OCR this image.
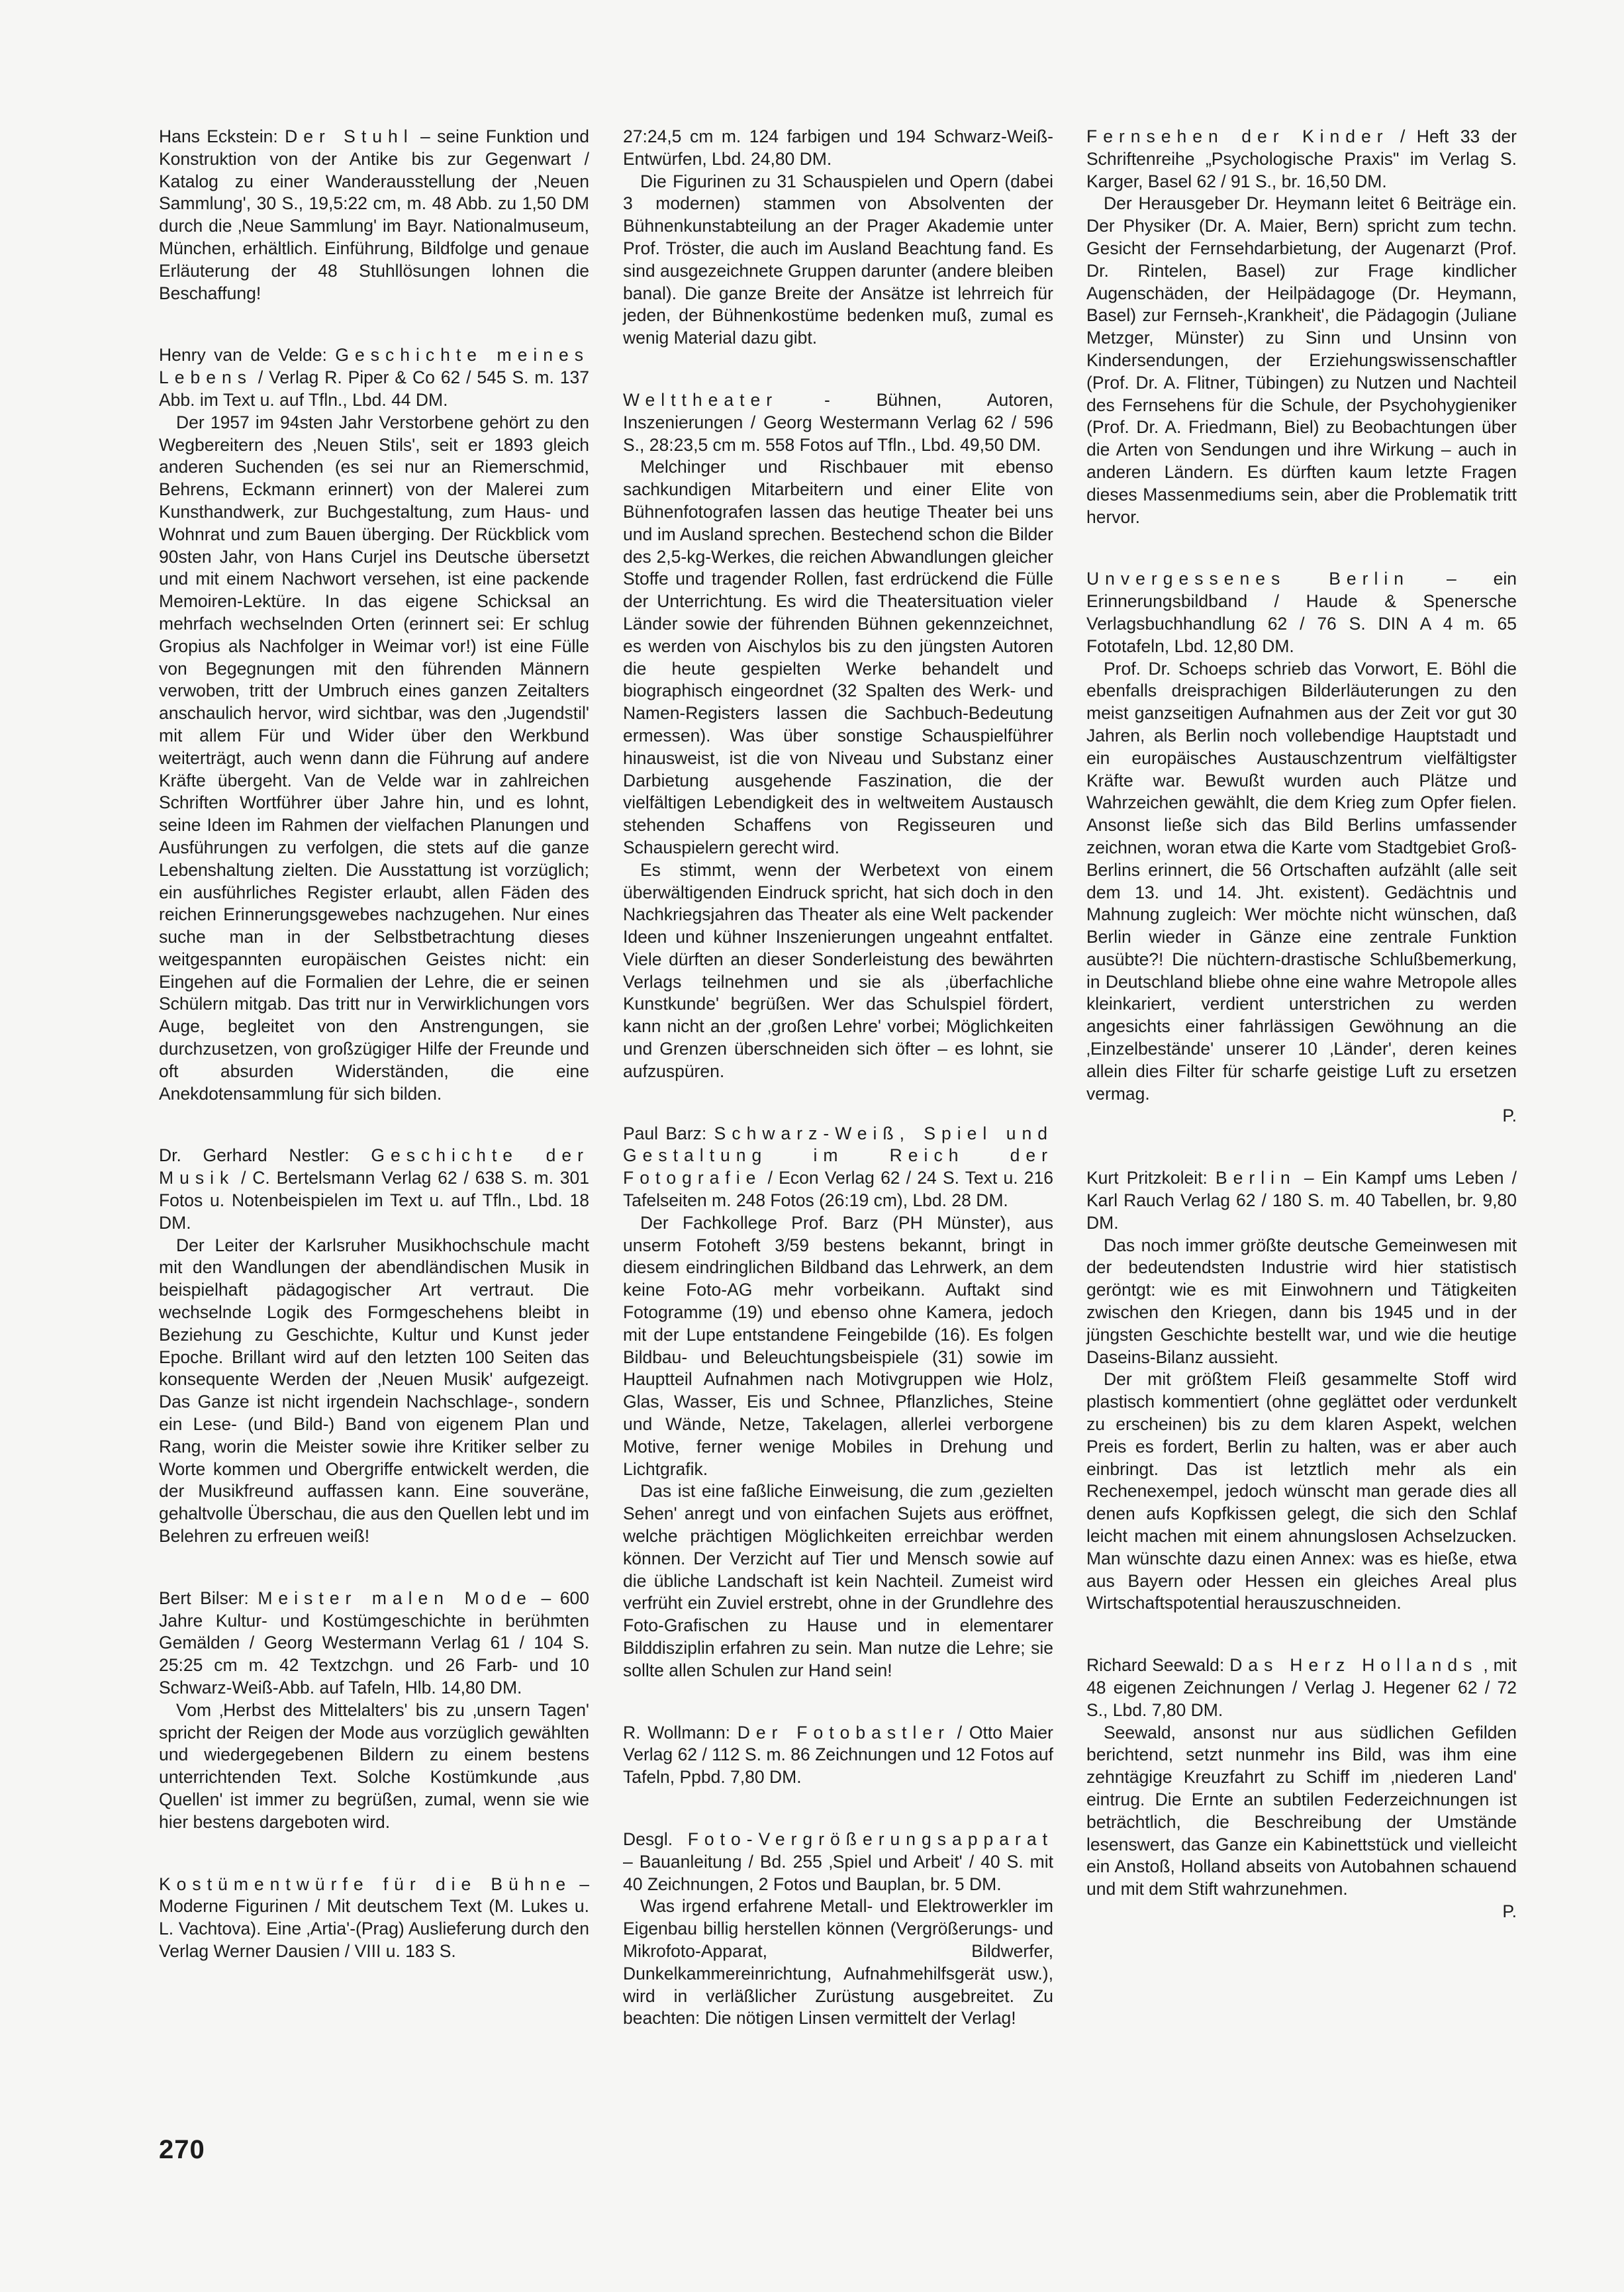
Hans Eckstein: Der Stuhl – seine Funktion und Konstruktion von der Antike bis zur Gegenwart / Katalog zu einer Wanderausstellung der ‚Neuen Sammlung', 30 S., 19,5:22 cm, m. 48 Abb. zu 1,50 DM durch die ‚Neue Sammlung' im Bayr. Nationalmuseum, München, erhältlich. Einführung, Bildfolge und genaue Erläuterung der 48 Stuhllösungen lohnen die Beschaffung!

Henry van de Velde: Geschichte meines Lebens / Verlag R. Piper & Co 62 / 545 S. m. 137 Abb. im Text u. auf Tfln., Lbd. 44 DM.

Der 1957 im 94sten Jahr Verstorbene gehört zu den Wegbereitern des ‚Neuen Stils', seit er 1893 gleich anderen Suchenden (es sei nur an Riemerschmid, Behrens, Eckmann erinnert) von der Malerei zum Kunsthandwerk, zur Buchgestaltung, zum Haus- und Wohnrat und zum Bauen überging. Der Rückblick vom 90sten Jahr, von Hans Curjel ins Deutsche übersetzt und mit einem Nachwort versehen, ist eine packende Memoiren-Lektüre. In das eigene Schicksal an mehrfach wechselnden Orten (erinnert sei: Er schlug Gropius als Nachfolger in Weimar vor!) ist eine Fülle von Begegnungen mit den führenden Männern verwoben, tritt der Umbruch eines ganzen Zeitalters anschaulich hervor, wird sichtbar, was den ‚Jugendstil' mit allem Für und Wider über den Werkbund weiterträgt, auch wenn dann die Führung auf andere Kräfte übergeht. Van de Velde war in zahlreichen Schriften Wortführer über Jahre hin, und es lohnt, seine Ideen im Rahmen der vielfachen Planungen und Ausführungen zu verfolgen, die stets auf die ganze Lebenshaltung zielten. Die Ausstattung ist vorzüglich; ein ausführliches Register erlaubt, allen Fäden des reichen Erinnerungsgewebes nachzugehen. Nur eines suche man in der Selbstbetrachtung dieses weitgespannten europäischen Geistes nicht: ein Eingehen auf die Formalien der Lehre, die er seinen Schülern mitgab. Das tritt nur in Verwirklichungen vors Auge, begleitet von den Anstrengungen, sie durchzusetzen, von großzügiger Hilfe der Freunde und oft absurden Widerständen, die eine Anekdotensammlung für sich bilden.

Dr. Gerhard Nestler: Geschichte der Musik / C. Bertelsmann Verlag 62 / 638 S. m. 301 Fotos u. Notenbeispielen im Text u. auf Tfln., Lbd. 18 DM.

Der Leiter der Karlsruher Musikhochschule macht mit den Wandlungen der abendländischen Musik in beispielhaft pädagogischer Art vertraut. Die wechselnde Logik des Formgeschehens bleibt in Beziehung zu Geschichte, Kultur und Kunst jeder Epoche. Brillant wird auf den letzten 100 Seiten das konsequente Werden der ‚Neuen Musik' aufgezeigt. Das Ganze ist nicht irgendein Nachschlage-, sondern ein Lese- (und Bild-) Band von eigenem Plan und Rang, worin die Meister sowie ihre Kritiker selber zu Worte kommen und Obergriffe entwickelt werden, die der Musikfreund auffassen kann. Eine souveräne, gehaltvolle Überschau, die aus den Quellen lebt und im Belehren zu erfreuen weiß!

Bert Bilser: Meister malen Mode – 600 Jahre Kultur- und Kostümgeschichte in berühmten Gemälden / Georg Westermann Verlag 61 / 104 S. 25:25 cm m. 42 Textzchgn. und 26 Farb- und 10 Schwarz-Weiß-Abb. auf Tafeln, Hlb. 14,80 DM.

Vom ‚Herbst des Mittelalters' bis zu ‚unsern Tagen' spricht der Reigen der Mode aus vorzüglich gewählten und wiedergegebenen Bildern zu einem bestens unterrichtenden Text. Solche Kostümkunde ‚aus Quellen' ist immer zu begrüßen, zumal, wenn sie wie hier bestens dargeboten wird.

Kostümentwürfe für die Bühne – Moderne Figurinen / Mit deutschem Text (M. Lukes u. L. Vachtova). Eine ‚Artia'-(Prag) Auslieferung durch den Verlag Werner Dausien / VIII u. 183 S.

27:24,5 cm m. 124 farbigen und 194 Schwarz-Weiß-Entwürfen, Lbd. 24,80 DM.

Die Figurinen zu 31 Schauspielen und Opern (dabei 3 modernen) stammen von Absolventen der Bühnenkunstabteilung an der Prager Akademie unter Prof. Tröster, die auch im Ausland Beachtung fand. Es sind ausgezeichnete Gruppen darunter (andere bleiben banal). Die ganze Breite der Ansätze ist lehrreich für jeden, der Bühnenkostüme bedenken muß, zumal es wenig Material dazu gibt.

Welttheater	- Bühnen, Autoren, Inszenierungen / Georg Westermann Verlag 62 / 596 S., 28:23,5 cm m. 558 Fotos auf Tfln., Lbd. 49,50 DM.

Melchinger und Rischbauer mit ebenso sachkundigen Mitarbeitern und einer Elite von Bühnenfotografen lassen das heutige Theater bei uns und im Ausland sprechen. Bestechend schon die Bilder des 2,5-kg-Werkes, die reichen Abwandlungen gleicher Stoffe und tragender Rollen, fast erdrückend die Fülle der Unterrichtung. Es wird die Theatersituation vieler Länder sowie der führenden Bühnen gekennzeichnet, es werden von Aischylos bis zu den jüngsten Autoren die heute gespielten Werke behandelt und biographisch eingeordnet (32 Spalten des Werk- und Namen-Registers lassen die Sachbuch-Bedeutung ermessen). Was über sonstige Schauspielführer hinausweist, ist die von Niveau und Substanz einer Darbietung ausgehende Faszination, die der vielfältigen Lebendigkeit des in weltweitem Austausch stehenden Schaffens von Regisseuren und Schauspielern gerecht wird.

Es stimmt, wenn der Werbetext von einem überwältigenden Eindruck spricht, hat sich doch in den Nachkriegsjahren das Theater als eine Welt packender Ideen und kühner Inszenierungen ungeahnt entfaltet. Viele dürften an dieser Sonderleistung des bewährten Verlags teilnehmen und sie als ‚überfachliche Kunstkunde' begrüßen. Wer das Schulspiel fördert, kann nicht an der ‚großen Lehre' vorbei; Möglichkeiten und Grenzen überschneiden sich öfter – es lohnt, sie aufzuspüren.

Paul Barz: Schwarz-Weiß, Spiel und Gestaltung im Reich der Fotografie / Econ Verlag 62 / 24 S. Text u. 216 Tafelseiten m. 248 Fotos (26:19 cm), Lbd. 28 DM.

Der Fachkollege Prof. Barz (PH Münster), aus unserm Fotoheft 3/59 bestens bekannt, bringt in diesem eindringlichen Bildband das Lehrwerk, an dem keine Foto-AG mehr vorbeikann. Auftakt sind Fotogramme (19) und ebenso ohne Kamera, jedoch mit der Lupe entstandene Feingebilde (16). Es folgen Bildbau- und Beleuchtungsbeispiele (31) sowie im Hauptteil Aufnahmen nach Motivgruppen wie Holz, Glas, Wasser, Eis und Schnee, Pflanzliches, Steine und Wände, Netze, Takelagen, allerlei verborgene Motive, ferner wenige Mobiles in Drehung und Lichtgrafik.

Das ist eine faßliche Einweisung, die zum ‚gezielten Sehen' anregt und von einfachen Sujets aus eröffnet, welche prächtigen Möglichkeiten erreichbar werden können. Der Verzicht auf Tier und Mensch sowie auf die übliche Landschaft ist kein Nachteil. Zumeist wird verfrüht ein Zuviel erstrebt, ohne in der Grundlehre des Foto-Grafischen zu Hause und in elementarer Bilddisziplin erfahren zu sein. Man nutze die Lehre; sie sollte allen Schulen zur Hand sein!

R. Wollmann: Der Fotobastler / Otto Maier Verlag 62 / 112 S. m. 86 Zeichnungen und 12 Fotos auf Tafeln, Ppbd. 7,80 DM.

Desgl. Foto-Vergrößerungsapparat – Bauanleitung / Bd. 255 ‚Spiel und Arbeit' / 40 S. mit 40 Zeichnungen, 2 Fotos und Bauplan, br. 5 DM.

Was irgend erfahrene Metall- und Elektrowerkler im Eigenbau billig herstellen können (Vergrößerungs- und Mikrofoto-Apparat, Bildwerfer, Dunkelkammereinrichtung, Aufnahmehilfsgerät usw.), wird in verläßlicher Zurüstung ausgebreitet. Zu beachten: Die nötigen Linsen vermittelt der Verlag!

Fernsehen der Kinder / Heft 33 der Schriftenreihe „Psychologische Praxis" im Verlag S. Karger, Basel 62 / 91 S., br. 16,50 DM.

Der Herausgeber Dr. Heymann leitet 6 Beiträge ein. Der Physiker (Dr. A. Maier, Bern) spricht zum techn. Gesicht der Fernsehdarbietung, der Augenarzt (Prof. Dr. Rintelen, Basel) zur Frage kindlicher Augenschäden, der Heilpädagoge (Dr. Heymann, Basel) zur Fernseh-‚Krankheit', die Pädagogin (Juliane Metzger, Münster) zu Sinn und Unsinn von Kindersendungen, der Erziehungswissenschaftler (Prof. Dr. A. Flitner, Tübingen) zu Nutzen und Nachteil des Fernsehens für die Schule, der Psychohygieniker (Prof. Dr. A. Friedmann, Biel) zu Beobachtungen über die Arten von Sendungen und ihre Wirkung – auch in anderen Ländern. Es dürften kaum letzte Fragen dieses Massenmediums sein, aber die Problematik tritt hervor.

Unvergessenes Berlin – ein Erinnerungsbildband / Haude & Spenersche Verlagsbuchhandlung 62 / 76 S. DIN A 4 m. 65 Fototafeln, Lbd. 12,80 DM.

Prof. Dr. Schoeps schrieb das Vorwort, E. Böhl die ebenfalls dreisprachigen Bilderläuterungen zu den meist ganzseitigen Aufnahmen aus der Zeit vor gut 30 Jahren, als Berlin noch vollebendige Hauptstadt und ein europäisches Austauschzentrum vielfältigster Kräfte war. Bewußt wurden auch Plätze und Wahrzeichen gewählt, die dem Krieg zum Opfer fielen. Ansonst ließe sich das Bild Berlins umfassender zeichnen, woran etwa die Karte vom Stadtgebiet Groß-Berlins erinnert, die 56 Ortschaften aufzählt (alle seit dem 13. und 14. Jht. existent). Gedächtnis und Mahnung zugleich: Wer möchte nicht wünschen, daß Berlin wieder in Gänze eine zentrale Funktion ausübte?! Die nüchtern-drastische Schlußbemerkung, in Deutschland bliebe ohne eine wahre Metropole alles kleinkariert, verdient unterstrichen zu werden angesichts einer fahrlässigen Gewöhnung an die ‚Einzelbestände' unserer 10 ‚Länder', deren keines allein dies Filter für scharfe geistige Luft zu ersetzen vermag.

P.

Kurt Pritzkoleit: Berlin – Ein Kampf ums Leben / Karl Rauch Verlag 62 / 180 S. m. 40 Tabellen, br. 9,80 DM.

Das noch immer größte deutsche Gemeinwesen mit der bedeutendsten Industrie wird hier statistisch geröntgt: wie es mit Einwohnern und Tätigkeiten zwischen den Kriegen, dann bis 1945 und in der jüngsten Geschichte bestellt war, und wie die heutige Daseins-Bilanz aussieht.

Der mit größtem Fleiß gesammelte Stoff wird plastisch kommentiert (ohne geglättet oder verdunkelt zu erscheinen) bis zu dem klaren Aspekt, welchen Preis es fordert, Berlin zu halten, was er aber auch einbringt. Das ist letztlich mehr als ein Rechenexempel, jedoch wünscht man gerade dies all denen aufs Kopfkissen gelegt, die sich den Schlaf leicht machen mit einem ahnungslosen Achselzucken. Man wünschte dazu einen Annex: was es hieße, etwa aus Bayern oder Hessen ein gleiches Areal plus Wirtschaftspotential herauszuschneiden.

Richard Seewald: Das Herz Hollands , mit 48 eigenen Zeichnungen / Verlag J. Hegener 62 / 72 S., Lbd. 7,80 DM.

Seewald, ansonst nur aus südlichen Gefilden berichtend, setzt nunmehr ins Bild, was ihm eine zehntägige Kreuzfahrt zu Schiff im ‚niederen Land' eintrug. Die Ernte an subtilen Federzeichnungen ist beträchtlich, die Beschreibung der Umstände lesenswert, das Ganze ein Kabinettstück und vielleicht ein Anstoß, Holland abseits von Autobahnen schauend und mit dem Stift wahrzunehmen.

P.

270
